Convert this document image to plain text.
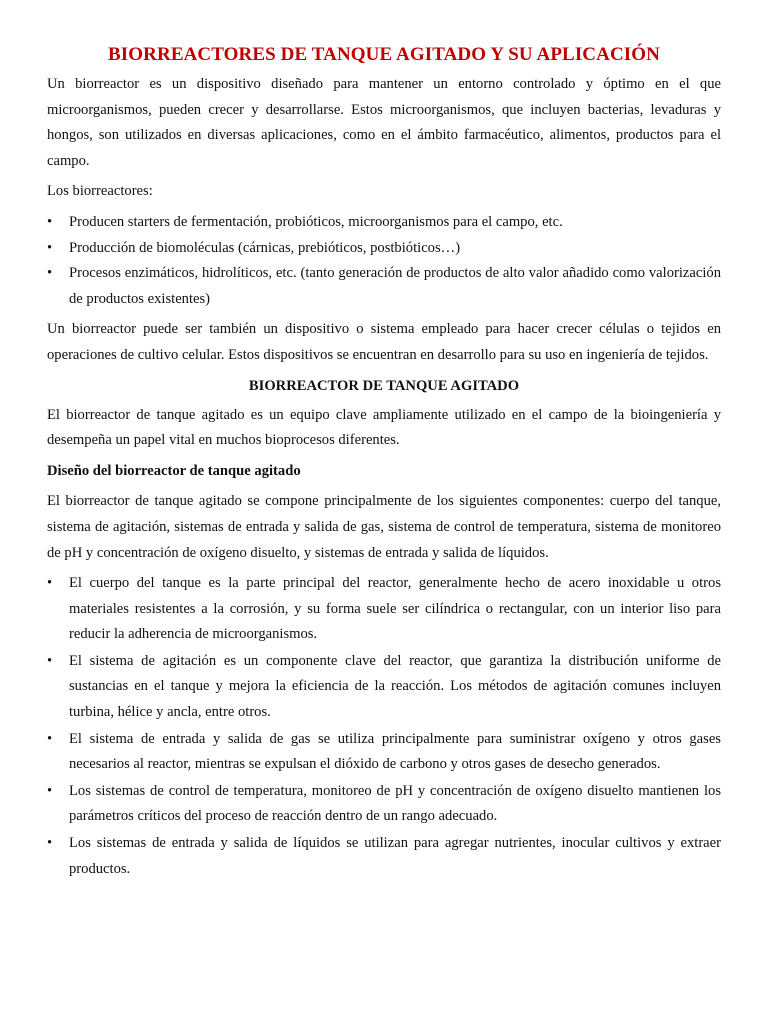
BIORREACTORES DE TANQUE AGITADO Y SU APLICACIÓN

Un biorreactor es un dispositivo diseñado para mantener un entorno controlado y óptimo en el que microorganismos, pueden crecer y desarrollarse. Estos microorganismos, que incluyen bacterias, levaduras y hongos, son utilizados en diversas aplicaciones, como en el ámbito farmacéutico, alimentos, productos para el campo.

Los biorreactores:

•	Producen starters de fermentación, probióticos, microorganismos para el campo, etc.
•	Producción de biomoléculas (cárnicas, prebióticos, postbióticos…)
•	Procesos enzimáticos, hidrolíticos, etc. (tanto generación de productos de alto valor añadido como valorización de productos existentes)

Un biorreactor puede ser también un dispositivo o sistema empleado para hacer crecer células o tejidos en operaciones de cultivo celular. Estos dispositivos se encuentran en desarrollo para su uso en ingeniería de tejidos.

BIORREACTOR DE TANQUE AGITADO

El biorreactor de tanque agitado es un equipo clave ampliamente utilizado en el campo de la bioingeniería y desempeña un papel vital en muchos bioprocesos diferentes.

Diseño del biorreactor de tanque agitado

El biorreactor de tanque agitado se compone principalmente de los siguientes componentes: cuerpo del tanque, sistema de agitación, sistemas de entrada y salida de gas, sistema de control de temperatura, sistema de monitoreo de pH y concentración de oxígeno disuelto, y sistemas de entrada y salida de líquidos.

•	El cuerpo del tanque es la parte principal del reactor, generalmente hecho de acero inoxidable u otros materiales resistentes a la corrosión, y su forma suele ser cilíndrica o rectangular, con un interior liso para reducir la adherencia de microorganismos.
•	El sistema de agitación es un componente clave del reactor, que garantiza la distribución uniforme de sustancias en el tanque y mejora la eficiencia de la reacción. Los métodos de agitación comunes incluyen turbina, hélice y ancla, entre otros.
•	El sistema de entrada y salida de gas se utiliza principalmente para suministrar oxígeno y otros gases necesarios al reactor, mientras se expulsan el dióxido de carbono y otros gases de desecho generados.
•	Los sistemas de control de temperatura, monitoreo de pH y concentración de oxígeno disuelto mantienen los parámetros críticos del proceso de reacción dentro de un rango adecuado.
•	Los sistemas de entrada y salida de líquidos se utilizan para agregar nutrientes, inocular cultivos y extraer productos.
